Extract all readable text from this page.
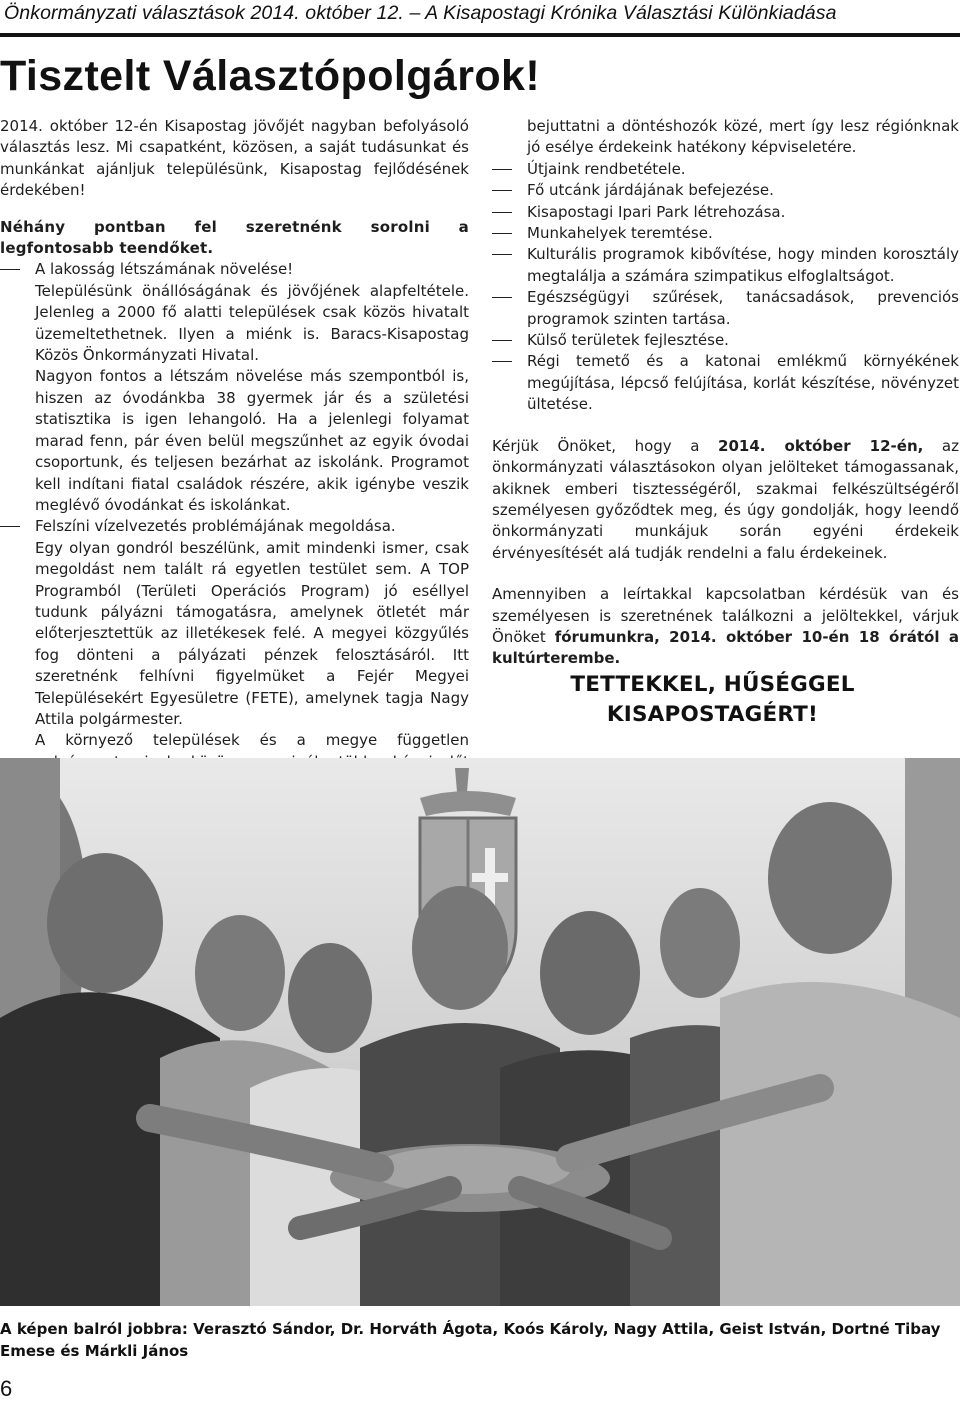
Önkormányzati választások 2014. október 12. – A Kisapostagi Krónika Választási Különkiadása
Tisztelt Választópolgárok!

2014. október 12-én Kisapostag jövőjét nagyban befolyásoló választás lesz. Mi csapatként, közösen, a saját tudásunkat és munkánkat ajánljuk településünk, Kisapostag fejlődésének érdekében!

Néhány pontban fel szeretnénk sorolni a legfontosabb teendőket.

A lakosság létszámának növelése!

Településünk önállóságának és jövőjének alapfeltétele. Jelenleg a 2000 fő alatti települések csak közös hivatalt üzemeltethetnek. Ilyen a miénk is. Baracs-Kisapostag Közös Önkormányzati Hivatal.

Nagyon fontos a létszám növelése más szempontból is, hiszen az óvodánkba 38 gyermek jár és a születési statisztika is igen lehangoló. Ha a jelenlegi folyamat marad fenn, pár éven belül megszűnhet az egyik óvodai csoportunk, és teljesen bezárhat az iskolánk. Programot kell indítani fiatal családok részére, akik igénybe veszik meglévő óvodánkat és iskolánkat.

Felszíni vízelvezetés problémájának megoldása.

Egy olyan gondról beszélünk, amit mindenki ismer, csak megoldást nem talált rá egyetlen testület sem. A TOP Programból (Területi Operációs Program) jó eséllyel tudunk pályázni támogatásra, amelynek ötletét már előterjesztettük az illetékesek felé. A megyei közgyűlés fog dönteni a pályázati pénzek felosztásáról. Itt szeretnénk felhívni figyelmüket a Fejér Megyei Településekért Egyesületre (FETE), amelynek tagja Nagy Attila polgármester.

A környező települések és a megye független

bejuttatni a döntéshozók közé, mert így lesz régiónknak jó esélye érdekeink hatékony képviseletére.

Útjaink rendbetétele.
Fő utcánk járdájának befejezése.
Kisapostagi Ipari Park létrehozása.
Munkahelyek teremtése.
Kulturális programok kibővítése, hogy minden korosztály megtalálja a számára szimpatikus elfoglaltságot.
Egészségügyi szűrések, tanácsadások, prevenciós programok szinten tartása.
Külső területek fejlesztése.
Régi temető és a katonai emlékmű környékének megújítása, lépcső felújítása, korlát készítése, növényzet ültetése.

Kérjük Önöket, hogy a 2014. október 12-én, az önkormányzati választásokon olyan jelölteket támogassanak, akiknek emberi tisztességéről, szakmai felkészültségéről személyesen győződtek meg, és úgy gondolják, hogy leendő önkormányzati munkájuk során egyéni érdekeik érvényesítését alá tudják rendelni a falu érdekeinek.

Amennyiben a leírtakkal kapcsolatban kérdésük van és személyesen is szeretnének találkozni a jelöltekkel, várjuk Önöket fórumunkra, 2014. október 10-én 18 órától a kultúrterembe.

TETTEKKEL, HŰSÉGGEL
KISAPOSTAGÉRT!
A képen balról jobbra: Verasztó Sándor, Dr. Horváth Ágota, Koós Károly, Nagy Attila, Geist István, Dortné Tibay Emese és Márkli János
6
